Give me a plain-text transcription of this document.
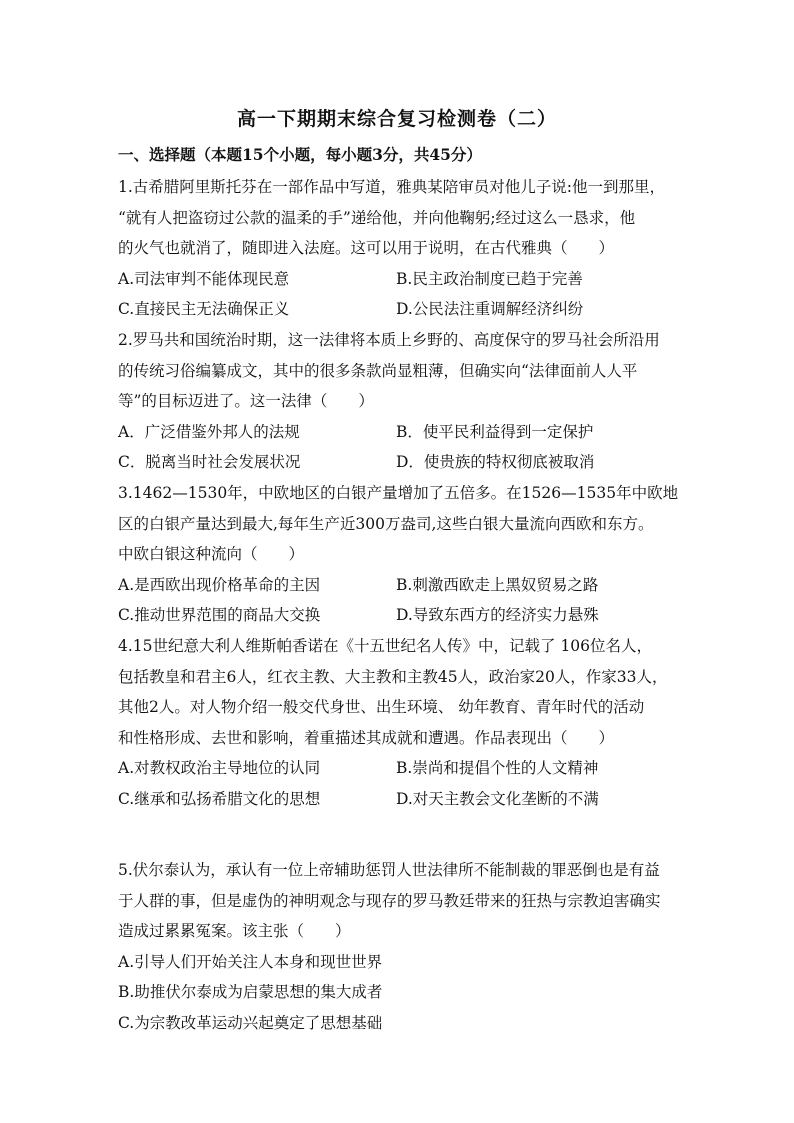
高一下期期末综合复习检测卷（二）
一、选择题（本题15个小题，每小题3分，共45分）

1.古希腊阿里斯托芬在一部作品中写道，雅典某陪审员对他儿子说:他一到那里，

“就有人把盗窃过公款的温柔的手”递给他，并向他鞠躬;经过这么一恳求，他

的火气也就消了，随即进入法庭。这可以用于说明，在古代雅典（　　）

A.司法审判不能体现民意	B.民主政治制度已趋于完善
C.直接民主无法确保正义	D.公民法注重调解经济纠纷

2.罗马共和国统治时期，这一法律将本质上乡野的、高度保守的罗马社会所沿用

的传统习俗编纂成文，其中的很多条款尚显粗薄，但确实向“法律面前人人平

等”的目标迈进了。这一法律（　　）

A．广泛借鉴外邦人的法规	B．使平民利益得到一定保护
C．脱离当时社会发展状况	D．使贵族的特权彻底被取消

3.1462—1530年，中欧地区的白银产量增加了五倍多。在1526—1535年中欧地

区的白银产量达到最大,每年生产近300万盎司,这些白银大量流向西欧和东方。

中欧白银这种流向（　　）

A.是西欧出现价格革命的主因	B.刺激西欧走上黑奴贸易之路
C.推动世界范围的商品大交换	D.导致东西方的经济实力悬殊

4.15世纪意大利人维斯帕香诺在《十五世纪名人传》中，记载了 106位名人，

包括教皇和君主6人，红衣主教、大主教和主教45人，政治家20人，作家33人，

其他2人。对人物介绍一般交代身世、出生环境、 幼年教育、青年时代的活动

和性格形成、去世和影响，着重描述其成就和遭遇。作品表现出（　　）

A.对教权政治主导地位的认同	B.崇尚和提倡个性的人文精神
C.继承和弘扬希腊文化的思想	D.对天主教会文化垄断的不满

5.伏尔泰认为，承认有一位上帝辅助惩罚人世法律所不能制裁的罪恶倒也是有益

于人群的事，但是虚伪的神明观念与现存的罗马教廷带来的狂热与宗教迫害确实

造成过累累冤案。该主张（　　）

A.引导人们开始关注人本身和现世世界
B.助推伏尔泰成为启蒙思想的集大成者
C.为宗教改革运动兴起奠定了思想基础
